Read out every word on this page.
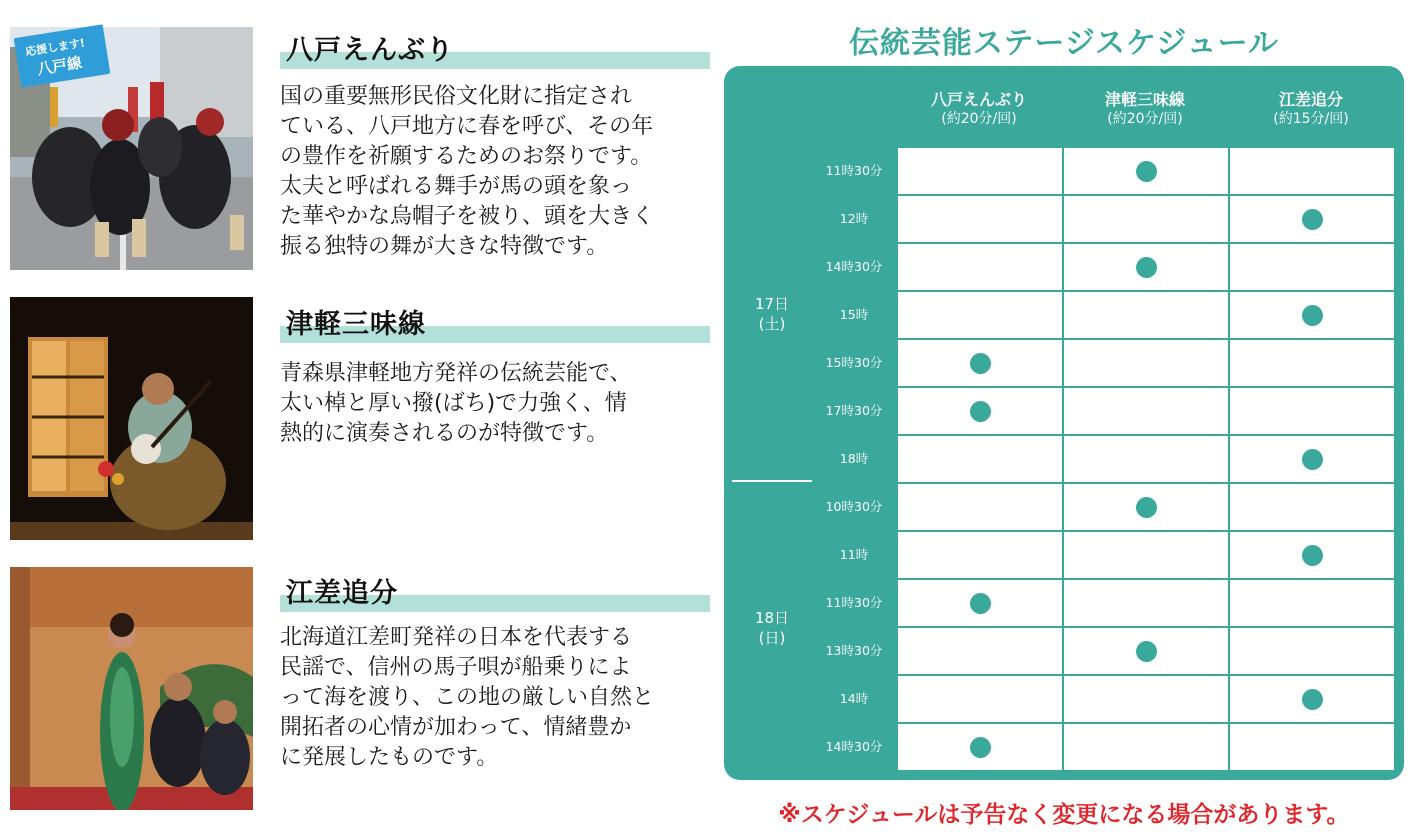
応援します!
八戸線	八戸えんぶり
国の重要無形民俗文化財に指定され
ている、八戸地方に春を呼び、その年
の豊作を祈願するためのお祭りです。
太夫と呼ばれる舞手が馬の頭を象っ
た華やかな烏帽子を被り、頭を大きく
振る独特の舞が大きな特徴です。
津軽三味線
青森県津軽地方発祥の伝統芸能で、
太い棹と厚い撥(ばち)で力強く、情
熱的に演奏されるのが特徴です。
江差追分
北海道江差町発祥の日本を代表する
民謡で、信州の馬子唄が船乗りによ
って海を渡り、この地の厳しい自然と
開拓者の心情が加わって、情緒豊か
に発展したものです。
伝統芸能ステージスケジュール
八戸えんぶり
(約20分/回)
津軽三味線
(約20分/回)
江差追分
(約15分/回)
17日
(土)
18日
(日)
11時30分
12時
14時30分
15時
15時30分
17時30分
18時
10時30分
11時
11時30分
13時30分
14時
14時30分
※スケジュールは予告なく変更になる場合があります。
